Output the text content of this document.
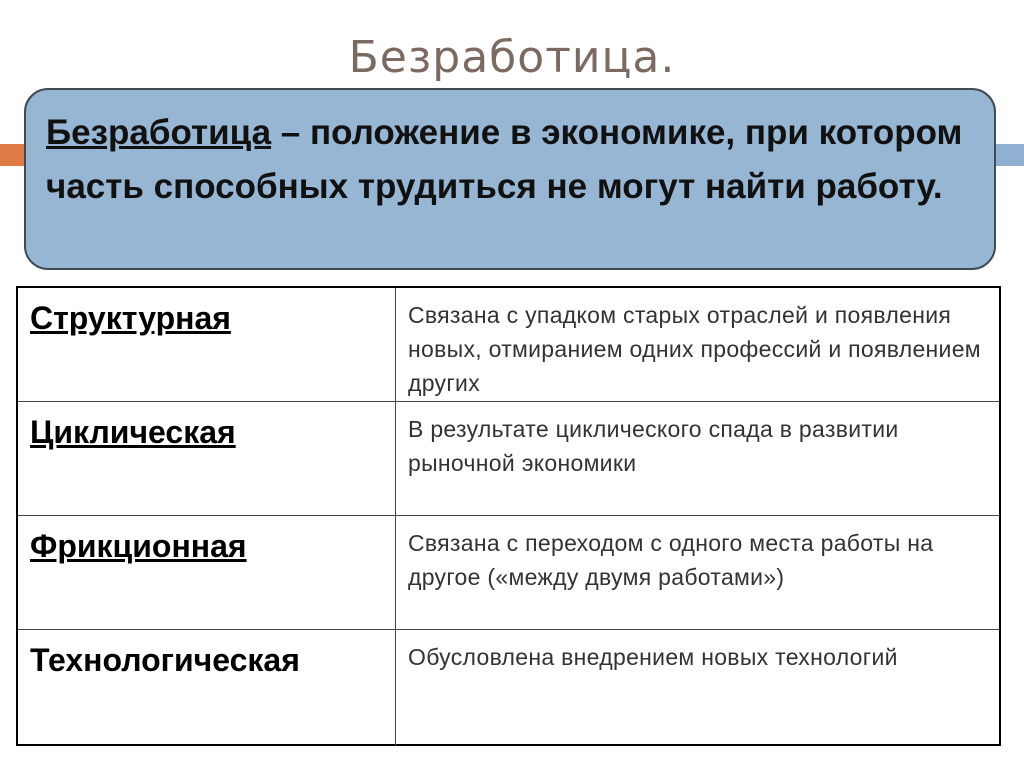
Безработица.
Безработица – положение в экономике, при котором часть способных трудиться не могут найти работу.
Структурная	Связана с упадком старых отраслей и появления новых, отмиранием одних профессий и появлением других
Циклическая	В результате циклического спада в развитии рыночной экономики
Фрикционная	Связана с переходом с одного места работы на другое («между двумя работами»)
Технологическая	Обусловлена внедрением новых технологий
